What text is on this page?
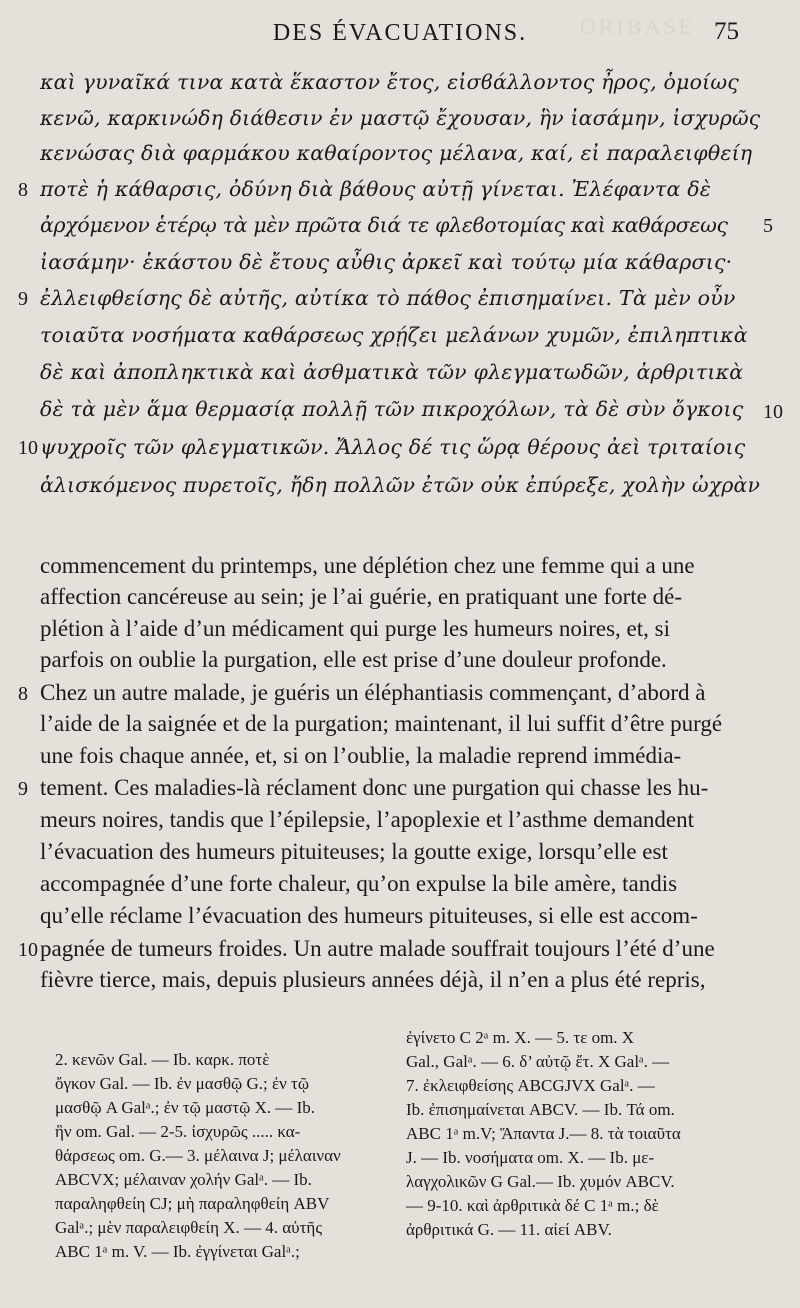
ORIBASE
DES ÉVACUATIONS.	75
καὶ γυναῖκά τινα κατὰ ἕκαστον ἔτος, εἰσϐάλλοντος ἦρος, ὁμοίως
κενῶ, καρκινώδη διάθεσιν ἐν μαστῷ ἔχουσαν, ἣν ἰασάμην, ἰσχυρῶς
κενώσας διὰ φαρμάκου καθαίροντος μέλανα, καί, εἰ παραλειφθείη
ποτὲ ἡ κάθαρσις, ὀδύνη διὰ βάθους αὐτῇ γίνεται. Ἐλέφαντα δὲ
ἀρχόμενον ἑτέρῳ τὰ μὲν πρῶτα διά τε φλεϐοτομίας καὶ καθάρσεως
ἰασάμην· ἑκάστου δὲ ἔτους αὖθις ἀρκεῖ καὶ τούτῳ μία κάθαρσις·
ἐλλειφθείσης δὲ αὐτῆς, αὐτίκα τὸ πάθος ἐπισημαίνει. Τὰ μὲν οὖν
τοιαῦτα νοσήματα καθάρσεως χρῄζει μελάνων χυμῶν, ἐπιληπτικὰ
δὲ καὶ ἀποπληκτικὰ καὶ ἀσθματικὰ τῶν φλεγματωδῶν, ἀρθριτικὰ
δὲ τὰ μὲν ἅμα θερμασίᾳ πολλῇ τῶν πικροχόλων, τὰ δὲ σὺν ὄγκοις
ψυχροῖς τῶν φλεγματικῶν. Ἄλλος δέ τις ὥρᾳ θέρους ἀεὶ τριταίοις
ἁλισκόμενος πυρετοῖς, ἤδη πολλῶν ἐτῶν οὐκ ἐπύρεξε, χολὴν ὠχρὰν
8
9
10
5
10
commencement du printemps, une déplétion chez une femme qui a une
affection cancéreuse au sein; je l’ai guérie, en pratiquant une forte dé-
plétion à l’aide d’un médicament qui purge les humeurs noires, et, si
parfois on oublie la purgation, elle est prise d’une douleur profonde.
Chez un autre malade, je guéris un éléphantiasis commençant, d’abord à
l’aide de la saignée et de la purgation; maintenant, il lui suffit d’être purgé
une fois chaque année, et, si on l’oublie, la maladie reprend immédia-
tement. Ces maladies-là réclament donc une purgation qui chasse les hu-
meurs noires, tandis que l’épilepsie, l’apoplexie et l’asthme demandent
l’évacuation des humeurs pituiteuses; la goutte exige, lorsqu’elle est
accompagnée d’une forte chaleur, qu’on expulse la bile amère, tandis
qu’elle réclame l’évacuation des humeurs pituiteuses, si elle est accom-
pagnée de tumeurs froides. Un autre malade souffrait toujours l’été d’une
fièvre tierce, mais, depuis plusieurs années déjà, il n’en a plus été repris,
8
9
10
2. κενῶν Gal. — Ib. καρκ. ποτὲ
ὄγκον Gal. — Ib. ἐν μασθῷ G.; ἐν τῷ
μασθῷ A Galᵃ.; ἐν τῷ μαστῷ X. — Ib.
ἣν om. Gal. — 2-5. ἰσχυρῶς ..... κα-
θάρσεως om. G.— 3. μέλαινα J; μέλαιναν
ABCVX; μέλαιναν χολήν Galᵃ. — Ib.
παραληφθείη CJ; μὴ παραληφθείη ABV
Galᵃ.; μὲν παραλειφθείη X. — 4. αὐτῆς
ABC 1ᵃ m. V. — Ib. ἐγγίνεται Galᵃ.;
ἐγίνετο C 2ᵃ m. X. — 5. τε om. X
Gal., Galᵃ. — 6. δ’ αὐτῷ ἔτ. X Galᵃ. —
7. ἐκλειφθείσης ABCGJVX Galᵃ. —
Ib. ἐπισημαίνεται ABCV. — Ib. Τά om.
ABC 1ᵃ m.V; Ἅπαντα J.— 8. τὰ τοιαῦτα
J. — Ib. νοσήματα om. X. — Ib. με-
λαγχολικῶν G Gal.— Ib. χυμόν ABCV.
— 9-10. καὶ ἀρθριτικὰ δέ C 1ᵃ m.; δὲ
ἀρθριτικά G. — 11. αἰεί ABV.
